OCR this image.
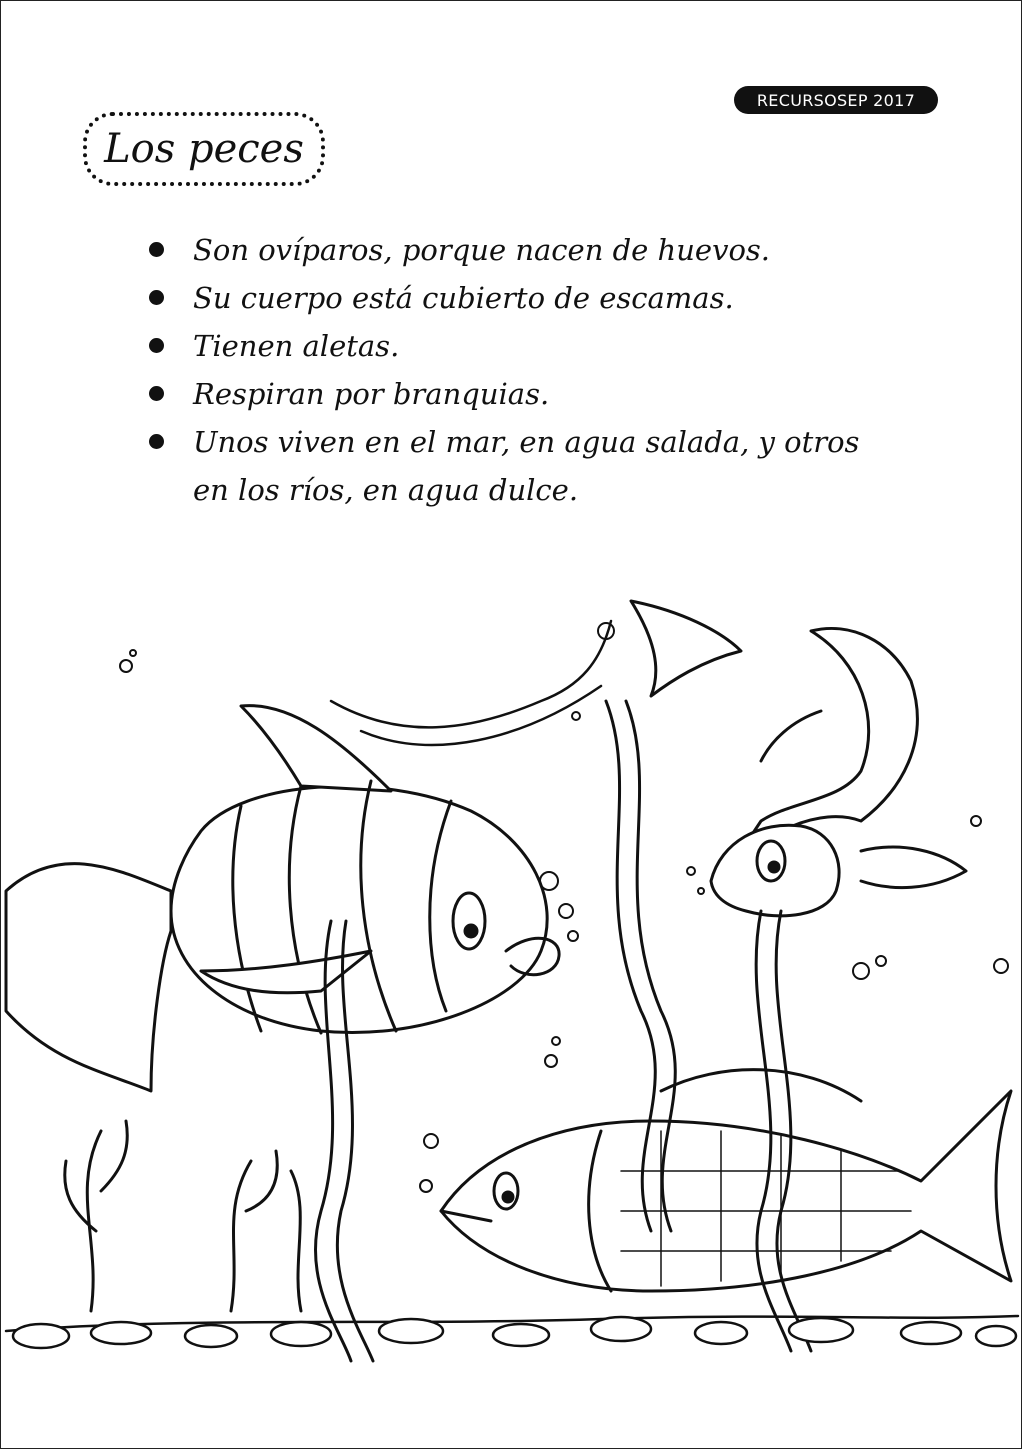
RECURSOSEP 2017
Los peces
Son ovíparos, porque nacen de huevos.
Su cuerpo está cubierto de escamas.
Tienen aletas.
Respiran por branquias.
Unos viven en el mar, en agua salada, y otros
en los ríos, en agua dulce.
